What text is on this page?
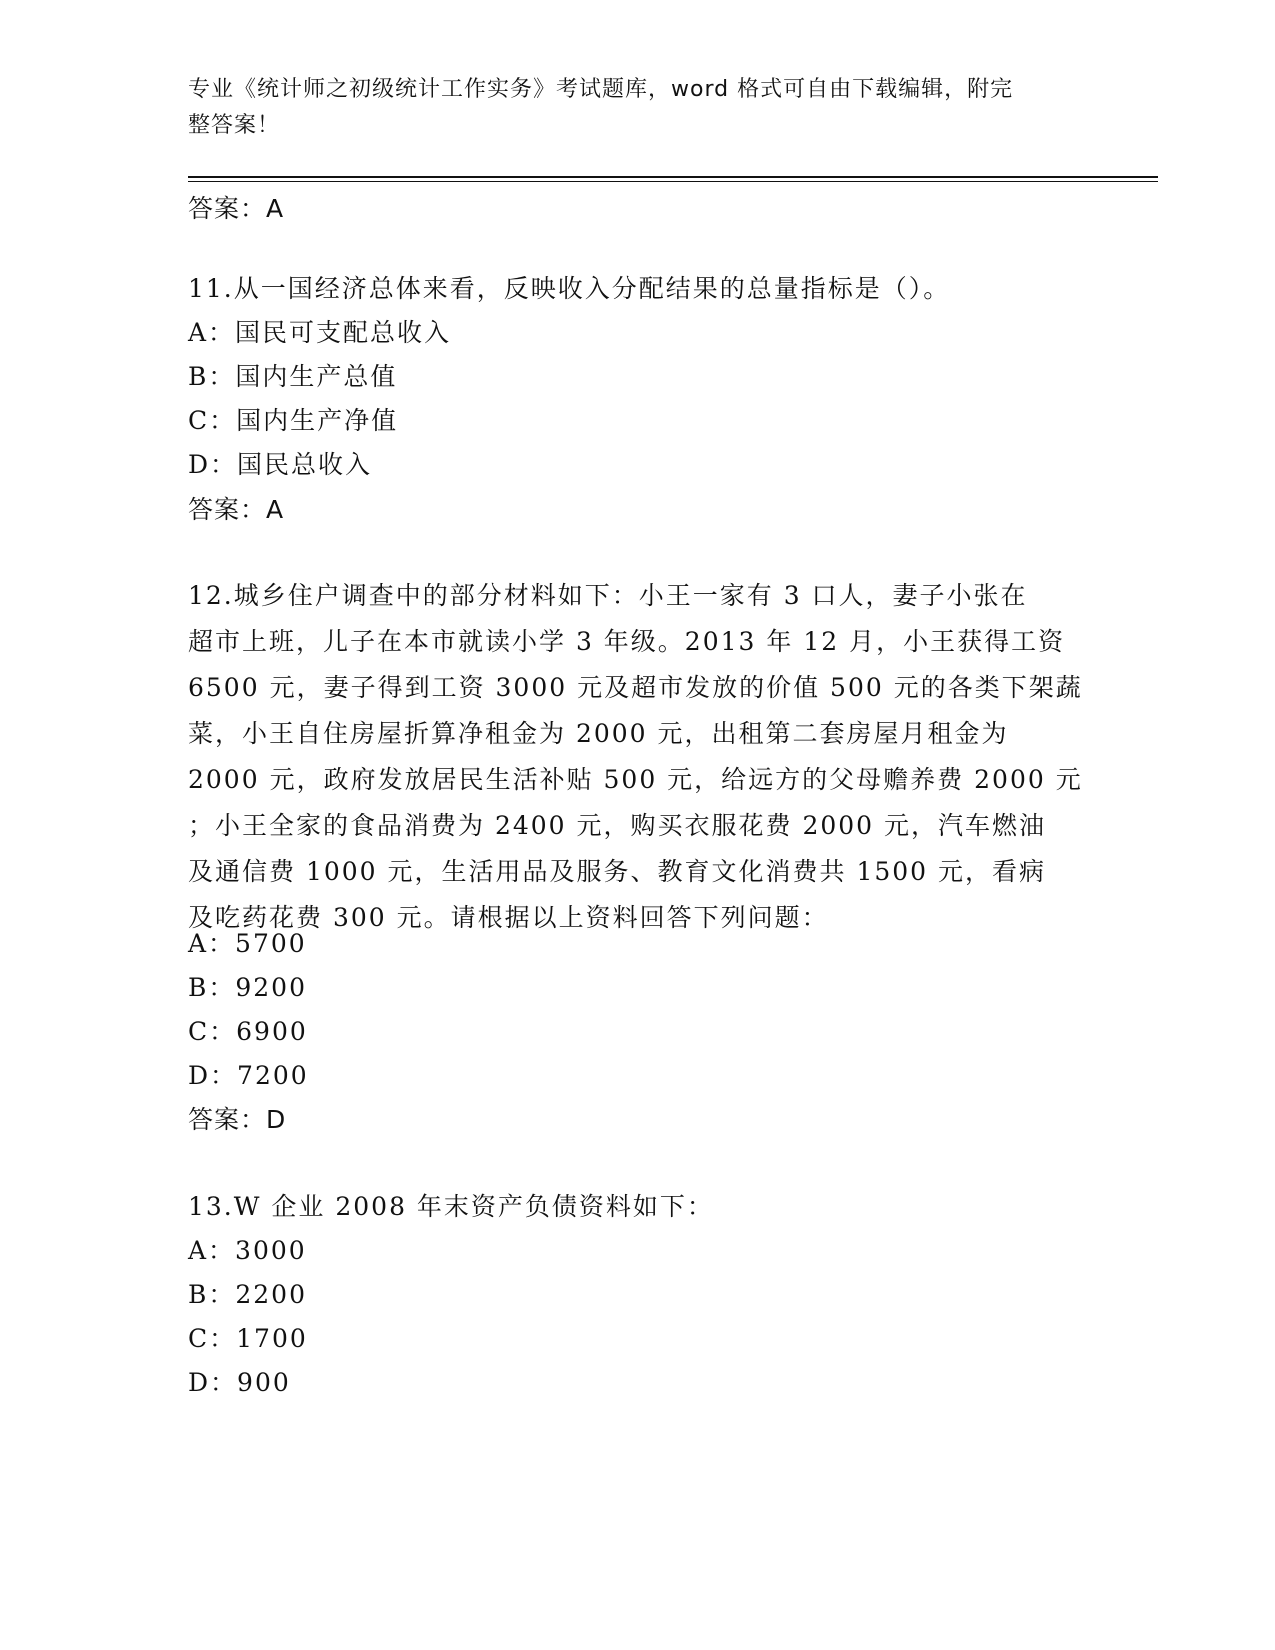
专业《统计师之初级统计工作实务》考试题库，word 格式可自由下载编辑，附完
整答案！
答案：A
11.从一国经济总体来看，反映收入分配结果的总量指标是（）。
A：国民可支配总收入
B：国内生产总值
C：国内生产净值
D：国民总收入
答案：A
12.城乡住户调查中的部分材料如下：小王一家有 3 口人，妻子小张在
超市上班，儿子在本市就读小学 3 年级。2013 年 12 月，小王获得工资
6500 元，妻子得到工资 3000 元及超市发放的价值 500 元的各类下架蔬
菜，小王自住房屋折算净租金为 2000 元，出租第二套房屋月租金为
2000 元，政府发放居民生活补贴 500 元，给远方的父母赡养费 2000 元
；小王全家的食品消费为 2400 元，购买衣服花费 2000 元，汽车燃油
及通信费 1000 元，生活用品及服务、教育文化消费共 1500 元，看病
及吃药花费 300 元。请根据以上资料回答下列问题：
A：5700
B：9200
C：6900
D：7200
答案：D
13.W 企业 2008 年末资产负债资料如下：
A：3000
B：2200
C：1700
D：900
